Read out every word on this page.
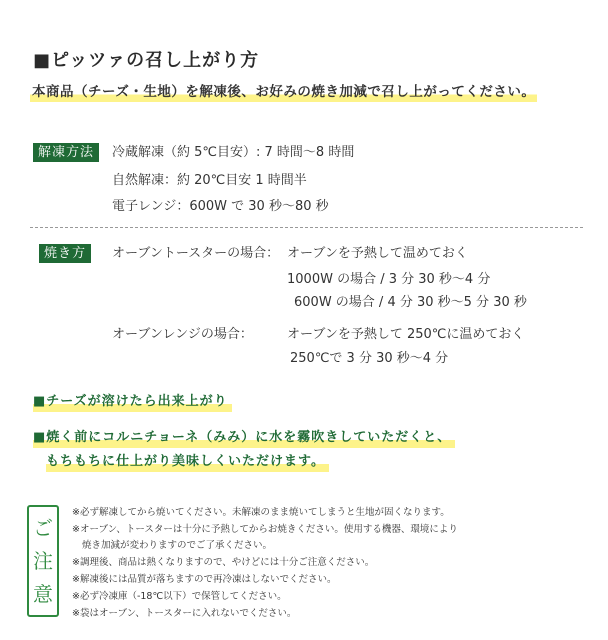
■ピッツァの召し上がり方
本商品（チーズ・生地）を解凍後、お好みの焼き加減で召し上がってください。
解凍方法	冷蔵解凍（約 5℃目安）: 7 時間～8 時間
自然解凍：約 20℃目安 1 時間半
電子レンジ：600W で 30 秒～80 秒
焼き方	オーブントースターの場合： オーブンを予熱して温めておく
1000W の場合 / 3 分 30 秒～4 分
600W の場合 / 4 分 30 秒～5 分 30 秒
オーブンレンジの場合：	オーブンを予熱して 250℃に温めておく
250℃で 3 分 30 秒～4 分
■チーズが溶けたら出来上がり
■焼く前にコルニチョーネ（みみ）に水を霧吹きしていただくと、
もちもちに仕上がり美味しくいただけます。
ご
注
意
※必ず解凍してから焼いてください。未解凍のまま焼いてしまうと生地が固くなります。
※オーブン、トースターは十分に予熱してからお焼きください。使用する機器、環境により
焼き加減が変わりますのでご了承ください。
※調理後、商品は熱くなりますので、やけどには十分ご注意ください。
※解凍後には品質が落ちますので再冷凍はしないでください。
※必ず冷凍庫（-18℃以下）で保管してください。
※袋はオーブン、トースターに入れないでください。
